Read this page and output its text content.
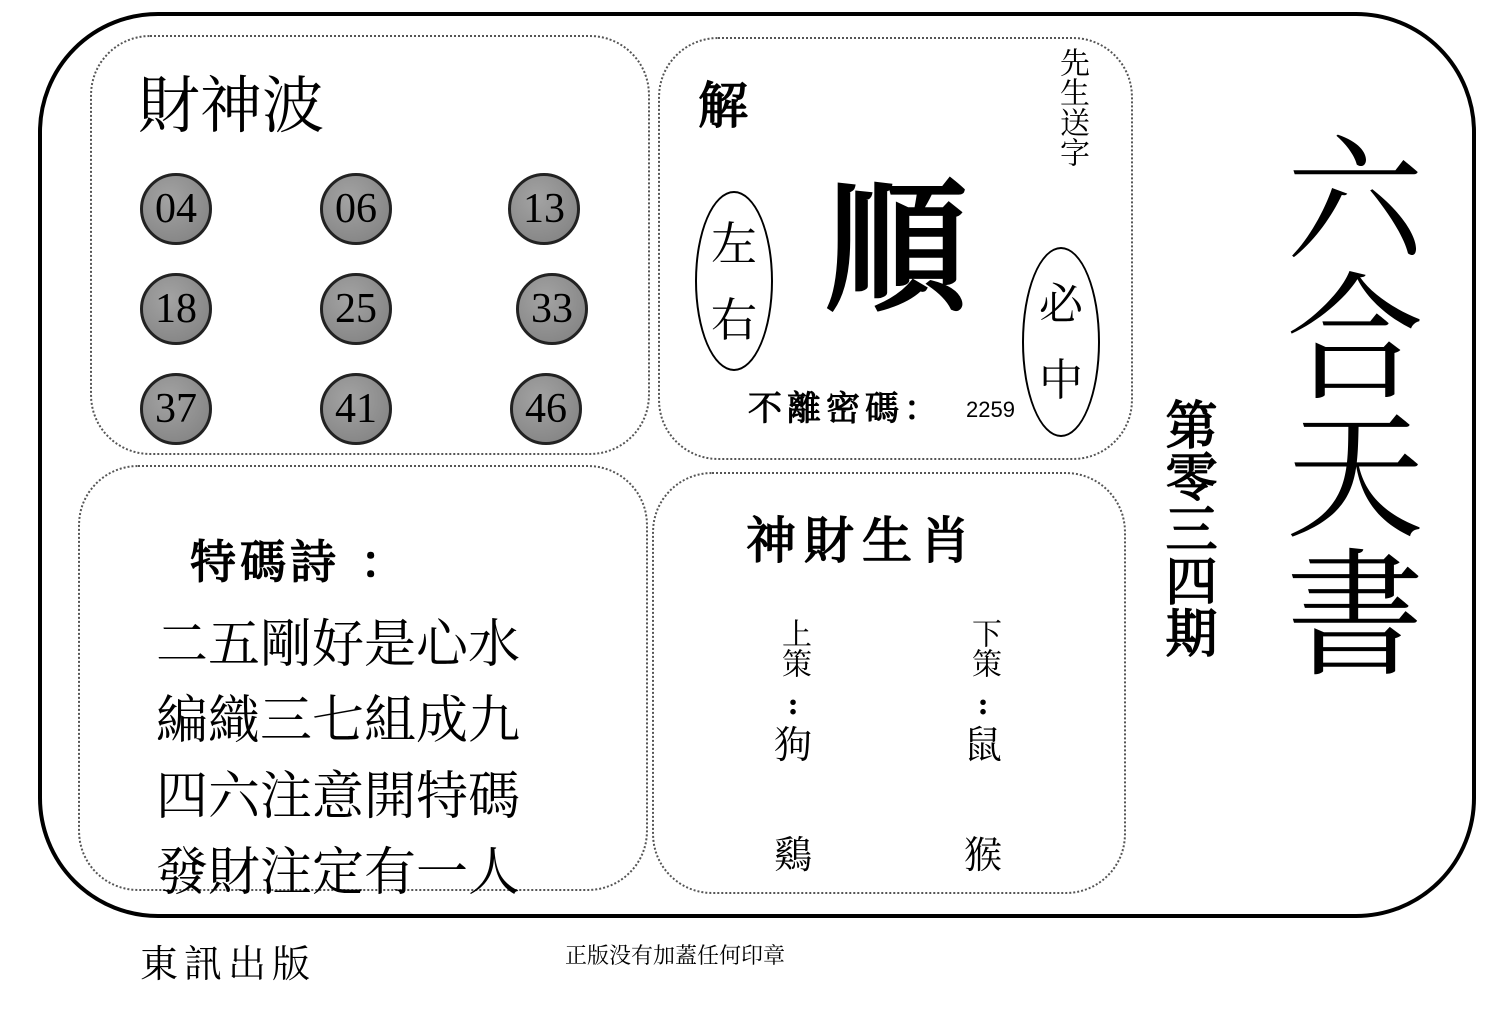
財神波
04	06	13
18	25	33
37	41	46
解
左
右 順
先生送字
必
中
不離密碼： 2259
特碼詩 ：
二五剛好是心水
編織三七組成九
四六注意開特碼
發財注定有一人
神財生肖
上策
:
狗
鷄
下策
:
鼠
猴
六合天書
第零三四期
東訊出版	正版没有加蓋任何印章
